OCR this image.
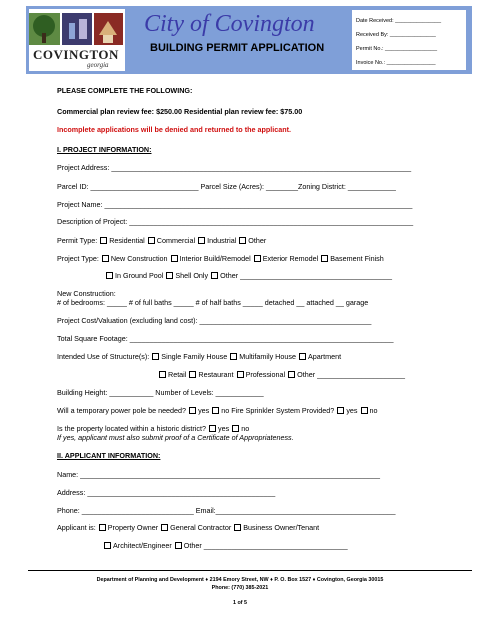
COVINGTON
georgia
City of Covington
BUILDING PERMIT APPLICATION
Date Received: _______________
Received By: _______________
Permit No.: _________________
Invoice No.: ________________
PLEASE COMPLETE THE FOLLOWING:
Commercial plan review fee: $250.00 Residential plan review fee: $75.00
Incomplete applications will be denied and returned to the applicant.
I. PROJECT INFORMATION:
Project Address: ___________________________________________________________________________
Parcel ID: ___________________________ Parcel Size (Acres): ________Zoning District: ____________
Project Name: _____________________________________________________________________________
Description of Project: _______________________________________________________________________
Permit Type: Residential Commercial Industrial Other
Project Type: New Construction Interior Build/Remodel Exterior Remodel Basement Finish
In Ground Pool Shell Only Other ______________________________________
New Construction:
# of bedrooms: _____ # of full baths _____ # of half baths _____ detached __ attached __ garage
Project Cost/Valuation (excluding land cost): ___________________________________________
Total Square Footage: __________________________________________________________________
Intended Use of Structure(s): Single Family House Multifamily House Apartment
Retail Restaurant Professional Other ______________________
Building Height: ___________ Number of Levels: ____________
Will a temporary power pole be needed? yes no Fire Sprinkler System Provided? yes no
Is the property located within a historic district? yes no
If yes, applicant must also submit proof of a Certificate of Appropriateness.
II. APPLICANT INFORMATION:
Name: ___________________________________________________________________________
Address: _______________________________________________
Phone: ____________________________ Email:_____________________________________________
Applicant is: Property Owner General Contractor Business Owner/Tenant
Architect/Engineer Other ____________________________________
Department of Planning and Development ♦ 2194 Emory Street, NW ♦ P. O. Box 1527 ♦ Covington, Georgia 30015
Phone: (770) 385-2021
1 of 5
